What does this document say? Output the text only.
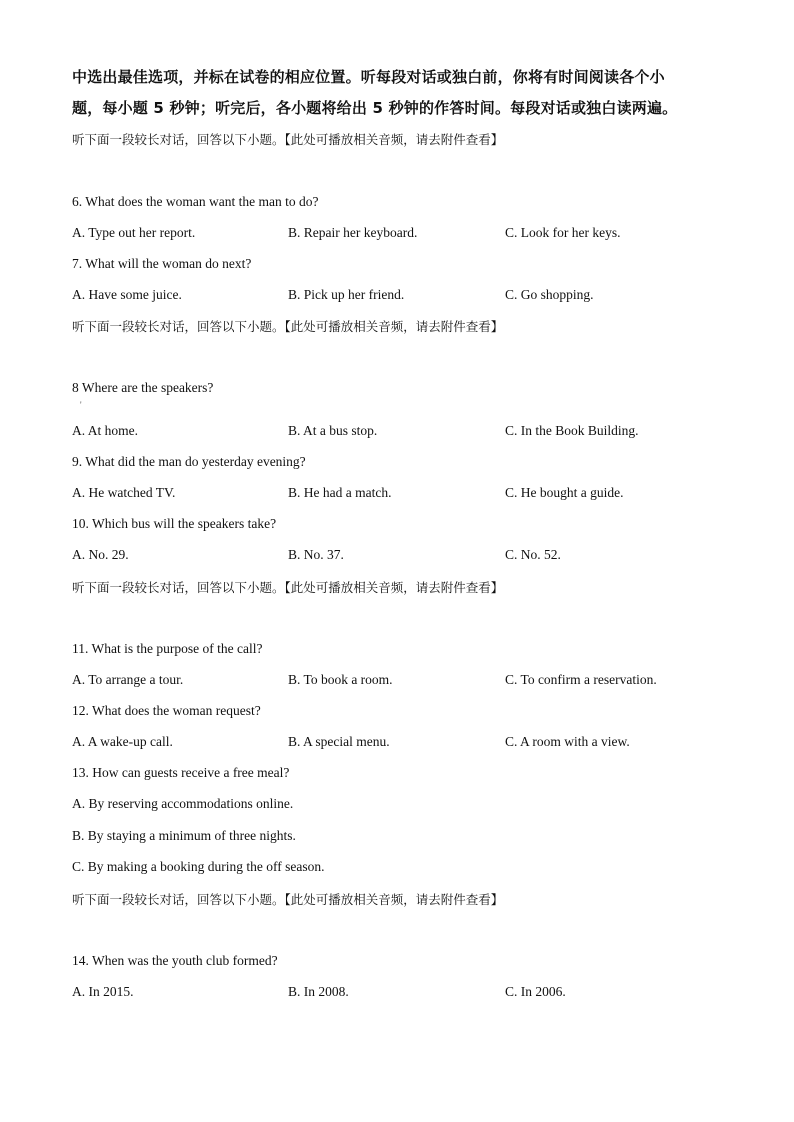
中选出最佳选项，并标在试卷的相应位置。听每段对话或独白前，你将有时间阅读各个小
题，每小题 5 秒钟；听完后，各小题将给出 5 秒钟的作答时间。每段对话或独白读两遍。
听下面一段较长对话，回答以下小题。【此处可播放相关音频，请去附件查看】
6. What does the woman want the man to do?
A. Type out her report.	B. Repair her keyboard.	C. Look for her keys.
7. What will the woman do next?
A. Have some juice.	B. Pick up her friend.	C. Go shopping.
听下面一段较长对话，回答以下小题。【此处可播放相关音频，请去附件查看】
8 Where are the speakers?
'
A. At home.	B. At a bus stop.	C. In the Book Building.
9. What did the man do yesterday evening?
A. He watched TV.	B. He had a match.	C. He bought a guide.
10. Which bus will the speakers take?
A. No. 29.	B. No. 37.	C. No. 52.
听下面一段较长对话，回答以下小题。【此处可播放相关音频，请去附件查看】
11. What is the purpose of the call?
A. To arrange a tour.	B. To book a room.	C. To confirm a reservation.
12. What does the woman request?
A. A wake-up call.	B. A special menu.	C. A room with a view.
13. How can guests receive a free meal?
A. By reserving accommodations online.
B. By staying a minimum of three nights.
C. By making a booking during the off season.
听下面一段较长对话，回答以下小题。【此处可播放相关音频，请去附件查看】
14. When was the youth club formed?
A. In 2015.	B. In 2008.	C. In 2006.
